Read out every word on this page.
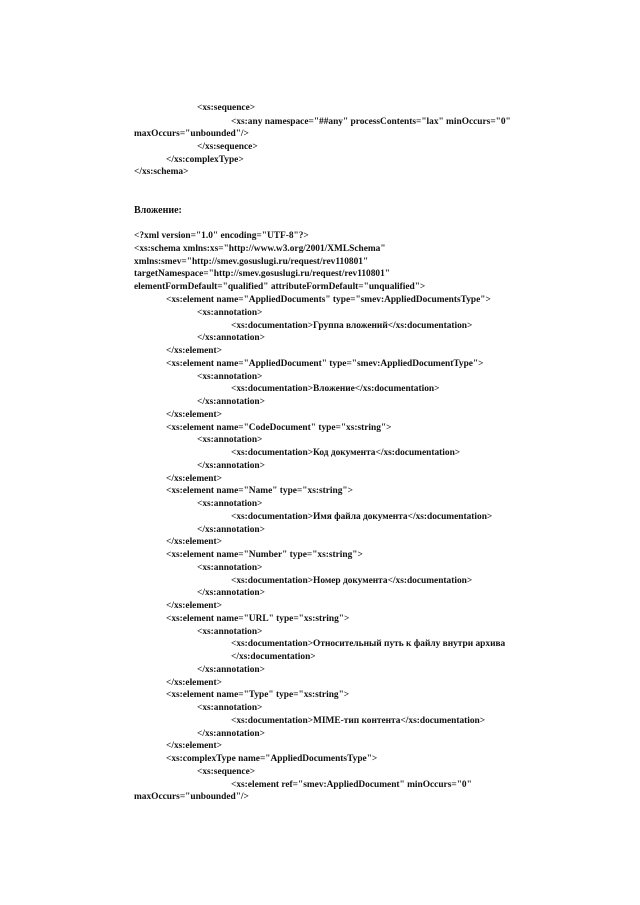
<xs:sequence>
<xs:any namespace="##any" processContents="lax" minOccurs="0"
maxOccurs="unbounded"/>
</xs:sequence>
</xs:complexType>
</xs:schema>
Вложение:
<?xml version="1.0" encoding="UTF-8"?>
<xs:schema xmlns:xs="http://www.w3.org/2001/XMLSchema"
xmlns:smev="http://smev.gosuslugi.ru/request/rev110801"
targetNamespace="http://smev.gosuslugi.ru/request/rev110801"
elementFormDefault="qualified" attributeFormDefault="unqualified">
<xs:element name="AppliedDocuments" type="smev:AppliedDocumentsType">
<xs:annotation>
<xs:documentation>Группа вложений</xs:documentation>
</xs:annotation>
</xs:element>
<xs:element name="AppliedDocument" type="smev:AppliedDocumentType">
<xs:annotation>
<xs:documentation>Вложение</xs:documentation>
</xs:annotation>
</xs:element>
<xs:element name="CodeDocument" type="xs:string">
<xs:annotation>
<xs:documentation>Код документа</xs:documentation>
</xs:annotation>
</xs:element>
<xs:element name="Name" type="xs:string">
<xs:annotation>
<xs:documentation>Имя файла документа</xs:documentation>
</xs:annotation>
</xs:element>
<xs:element name="Number" type="xs:string">
<xs:annotation>
<xs:documentation>Номер документа</xs:documentation>
</xs:annotation>
</xs:element>
<xs:element name="URL" type="xs:string">
<xs:annotation>
<xs:documentation>Относительный путь к файлу внутри архива
</xs:documentation>
</xs:annotation>
</xs:element>
<xs:element name="Type" type="xs:string">
<xs:annotation>
<xs:documentation>MIME-тип контента</xs:documentation>
</xs:annotation>
</xs:element>
<xs:complexType name="AppliedDocumentsType">
<xs:sequence>
<xs:element ref="smev:AppliedDocument" minOccurs="0"
maxOccurs="unbounded"/>
